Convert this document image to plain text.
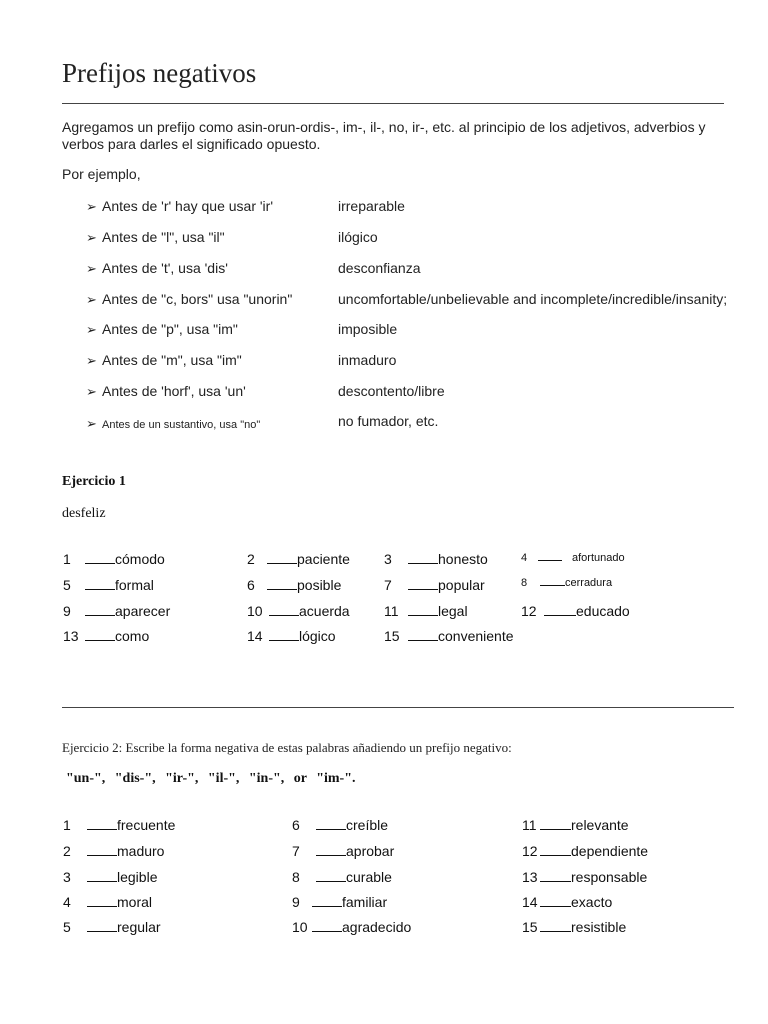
Prefijos negativos
Agregamos un prefijo como asin-orun-ordis-, im-, il-, no, ir-, etc. al principio de los adjetivos, adverbios y verbos para darles el significado opuesto.
Por ejemplo,
➢ Antes de 'r' hay que usar 'ir'	irreparable
➢ Antes de "l", usa "il"	ilógico
➢ Antes de 't', usa 'dis'	desconfianza
➢ Antes de "c, bors" usa "unorin"	uncomfortable/unbelievable and incomplete/incredible/insanity;
➢ Antes de "p", usa "im"	imposible
➢ Antes de "m", usa "im"	inmaduro
➢ Antes de 'horf', usa 'un'	descontento/libre
➢ Antes de un sustantivo, usa "no"	no fumador, etc.
Ejercicio 1
desfeliz
1	cómodo	2	paciente 3	honesto	4	afortunado
5	formal	6	posible	7	popular	8	cerradura
9	aparecer	10	acuerda 11	legal	12	educado
13	como	14	lógico	15	conveniente
Ejercicio 2: Escribe la forma negativa de estas palabras añadiendo un prefijo negativo:
"un-", "dis-", "ir-", "il-", "in-", or "im-".
1	frecuente
2	maduro
3	legible
4	moral
5	regular
6	creíble
7	aprobar
8	curable
9	familiar
10 agradecido
11 relevante
12 dependiente
13 responsable
14 exacto
15 resistible
